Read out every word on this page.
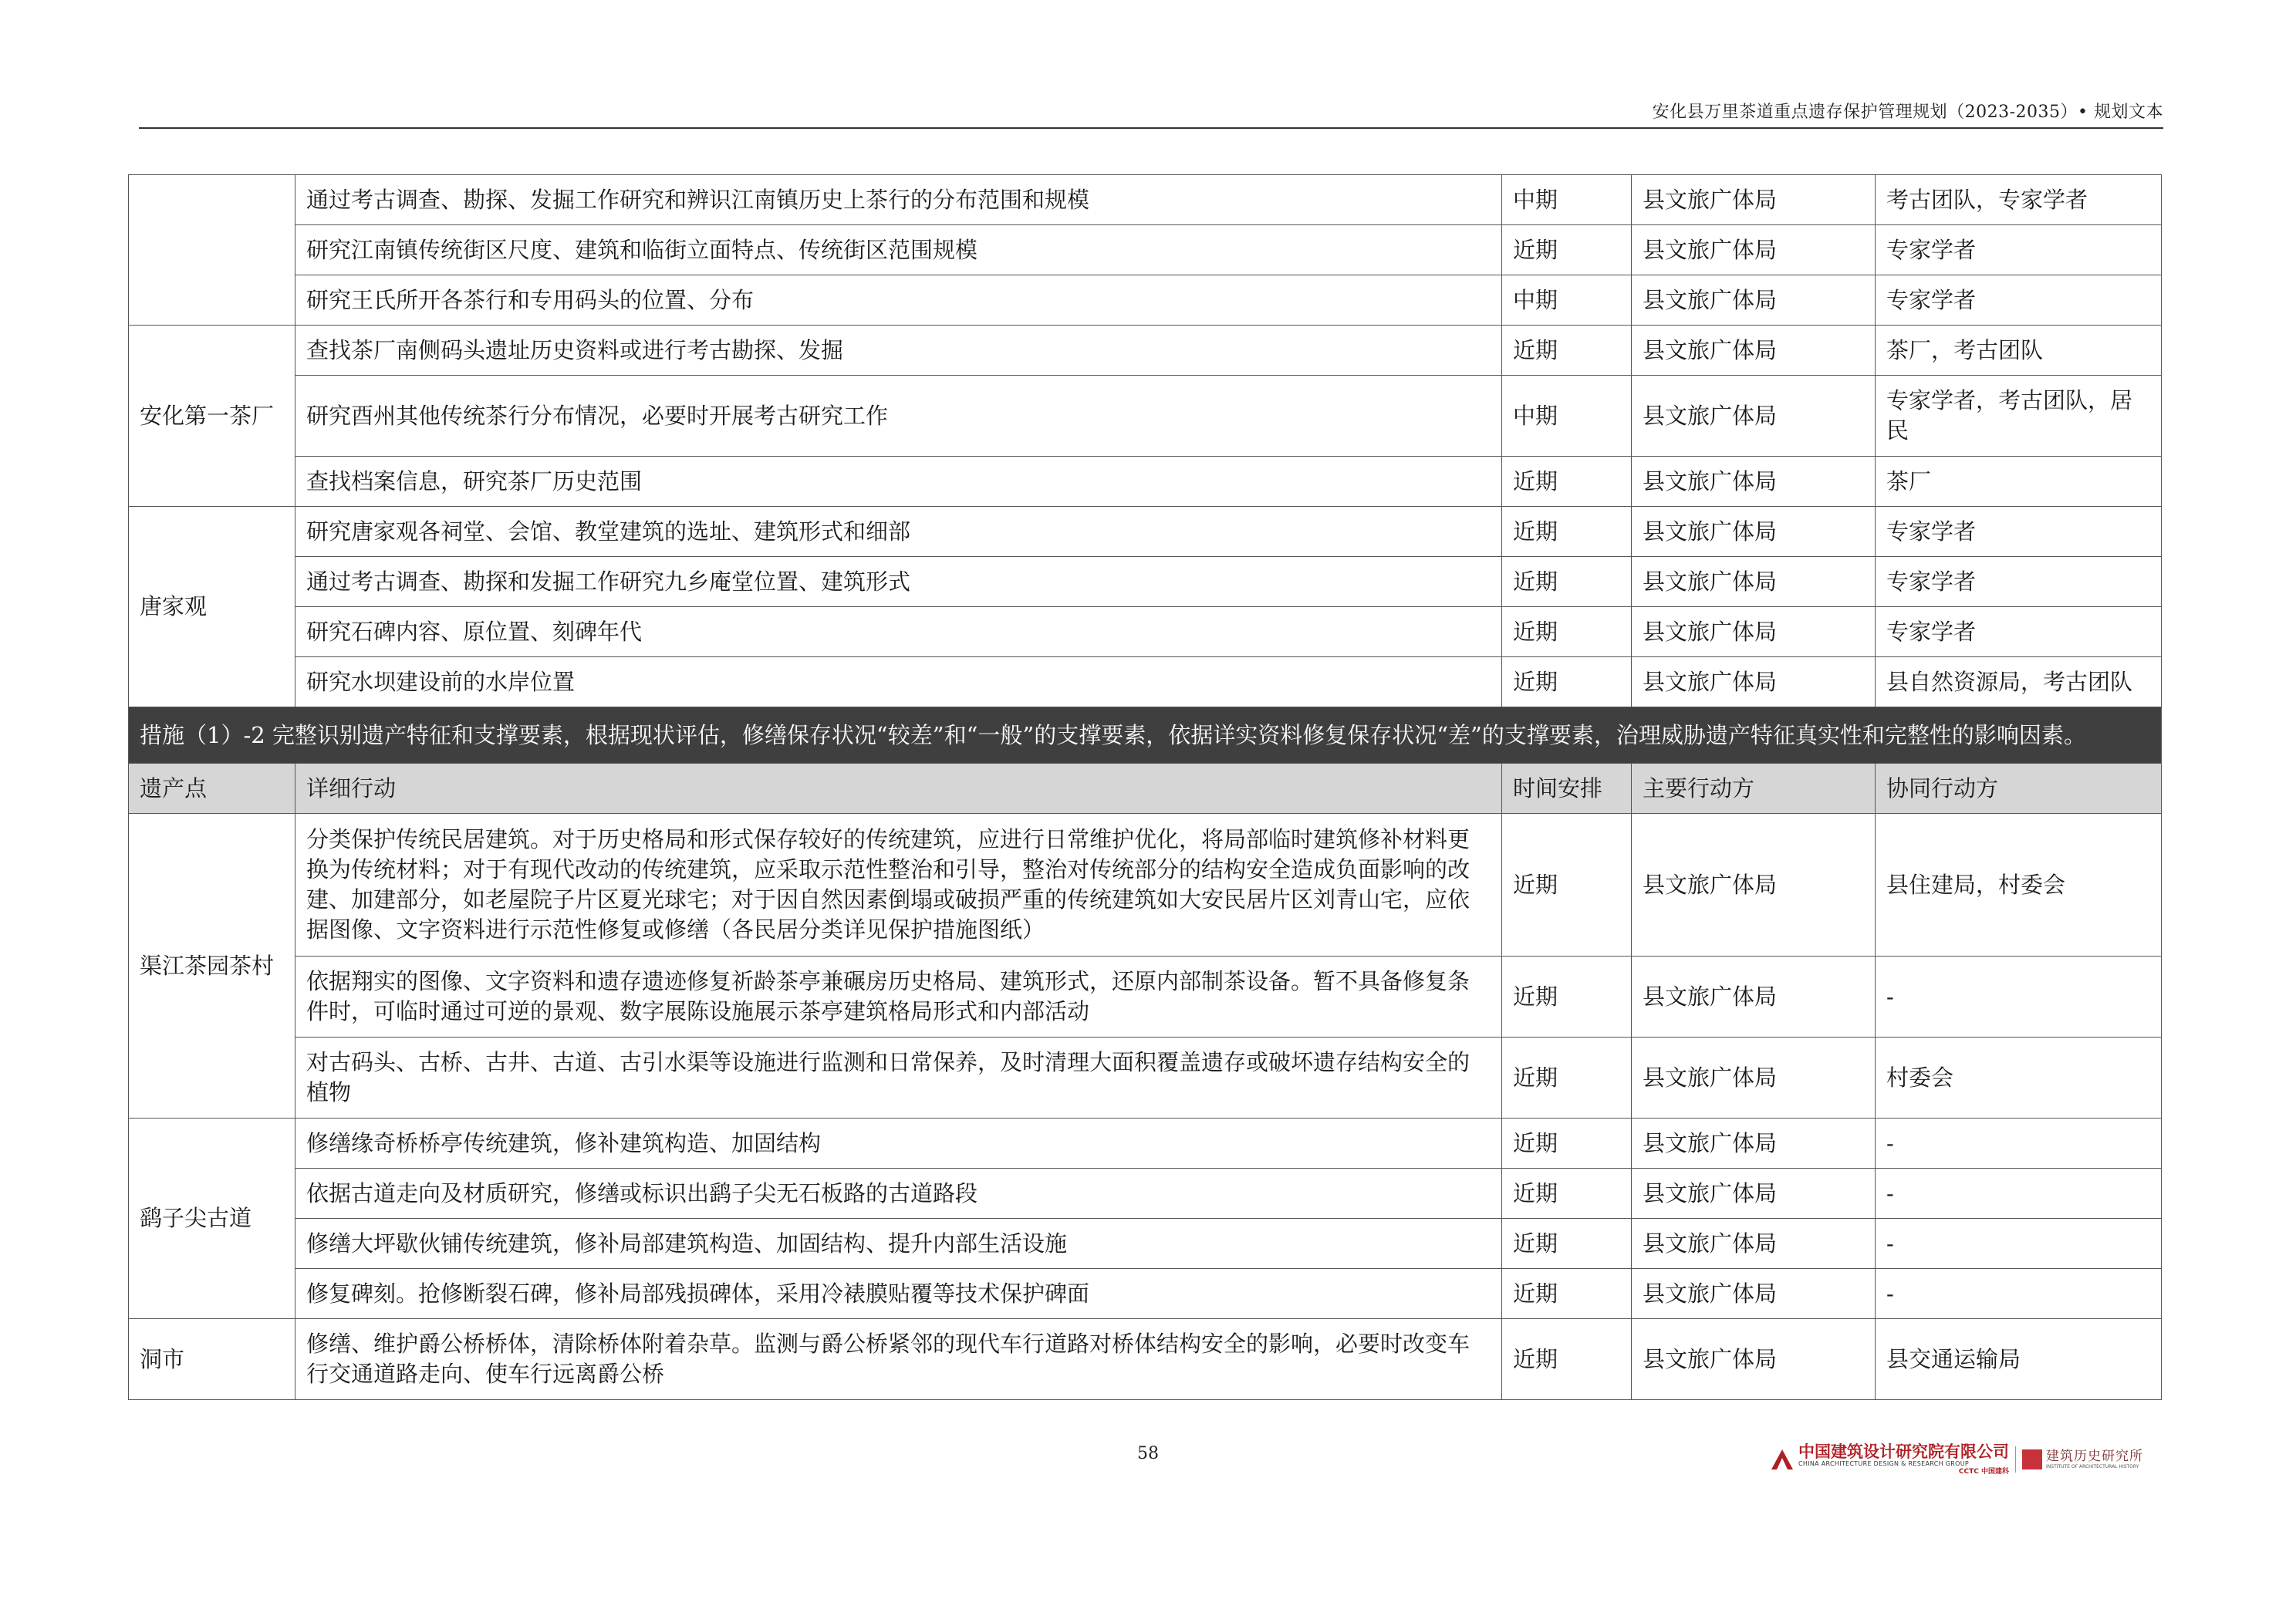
安化县万里茶道重点遗存保护管理规划（2023-2035）• 规划文本
	通过考古调查、勘探、发掘工作研究和辨识江南镇历史上茶行的分布范围和规模	中期	县文旅广体局	考古团队，专家学者
	研究江南镇传统街区尺度、建筑和临街立面特点、传统街区范围规模	近期	县文旅广体局	专家学者
	研究王氏所开各茶行和专用码头的位置、分布	中期	县文旅广体局	专家学者
安化第一茶厂	查找茶厂南侧码头遗址历史资料或进行考古勘探、发掘	近期	县文旅广体局	茶厂，考古团队
	研究酉州其他传统茶行分布情况，必要时开展考古研究工作	中期	县文旅广体局	专家学者，考古团队，居民
	查找档案信息，研究茶厂历史范围	近期	县文旅广体局	茶厂
唐家观	研究唐家观各祠堂、会馆、教堂建筑的选址、建筑形式和细部	近期	县文旅广体局	专家学者
	通过考古调查、勘探和发掘工作研究九乡庵堂位置、建筑形式	近期	县文旅广体局	专家学者
	研究石碑内容、原位置、刻碑年代	近期	县文旅广体局	专家学者
	研究水坝建设前的水岸位置	近期	县文旅广体局	县自然资源局，考古团队
措施（1）-2 完整识别遗产特征和支撑要素，根据现状评估，修缮保存状况“较差”和“一般”的支撑要素，依据详实资料修复保存状况“差”的支撑要素，治理威胁遗产特征真实性和完整性的影响因素。				
遗产点	详细行动	时间安排	主要行动方	协同行动方
渠江茶园茶村	分类保护传统民居建筑。对于历史格局和形式保存较好的传统建筑，应进行日常维护优化，将局部临时建筑修补材料更换为传统材料；对于有现代改动的传统建筑，应采取示范性整治和引导，整治对传统部分的结构安全造成负面影响的改建、加建部分，如老屋院子片区夏光球宅；对于因自然因素倒塌或破损严重的传统建筑如大安民居片区刘青山宅，应依据图像、文字资料进行示范性修复或修缮（各民居分类详见保护措施图纸）	近期	县文旅广体局	县住建局，村委会
	依据翔实的图像、文字资料和遗存遗迹修复祈龄茶亭兼碾房历史格局、建筑形式，还原内部制茶设备。暂不具备修复条件时，可临时通过可逆的景观、数字展陈设施展示茶亭建筑格局形式和内部活动	近期	县文旅广体局	-
	对古码头、古桥、古井、古道、古引水渠等设施进行监测和日常保养，及时清理大面积覆盖遗存或破坏遗存结构安全的植物	近期	县文旅广体局	村委会
鹞子尖古道	修缮缘奇桥桥亭传统建筑，修补建筑构造、加固结构	近期	县文旅广体局	-
	依据古道走向及材质研究，修缮或标识出鹞子尖无石板路的古道路段	近期	县文旅广体局	-
	修缮大坪歇伙铺传统建筑，修补局部建筑构造、加固结构、提升内部生活设施	近期	县文旅广体局	-
	修复碑刻。抢修断裂石碑，修补局部残损碑体，采用冷裱膜贴覆等技术保护碑面	近期	县文旅广体局	-
洞市	修缮、维护爵公桥桥体，清除桥体附着杂草。监测与爵公桥紧邻的现代车行道路对桥体结构安全的影响，必要时改变车行交通道路走向、使车行远离爵公桥	近期	县文旅广体局	县交通运输局
58	中国建筑设计研究院有限公司
CHINA ARCHITECTURE DESIGN & RESEARCH GROUP
CCTC 中国建科
建筑历史研究所
INSTITUTE OF ARCHITECTURAL HISTORY
